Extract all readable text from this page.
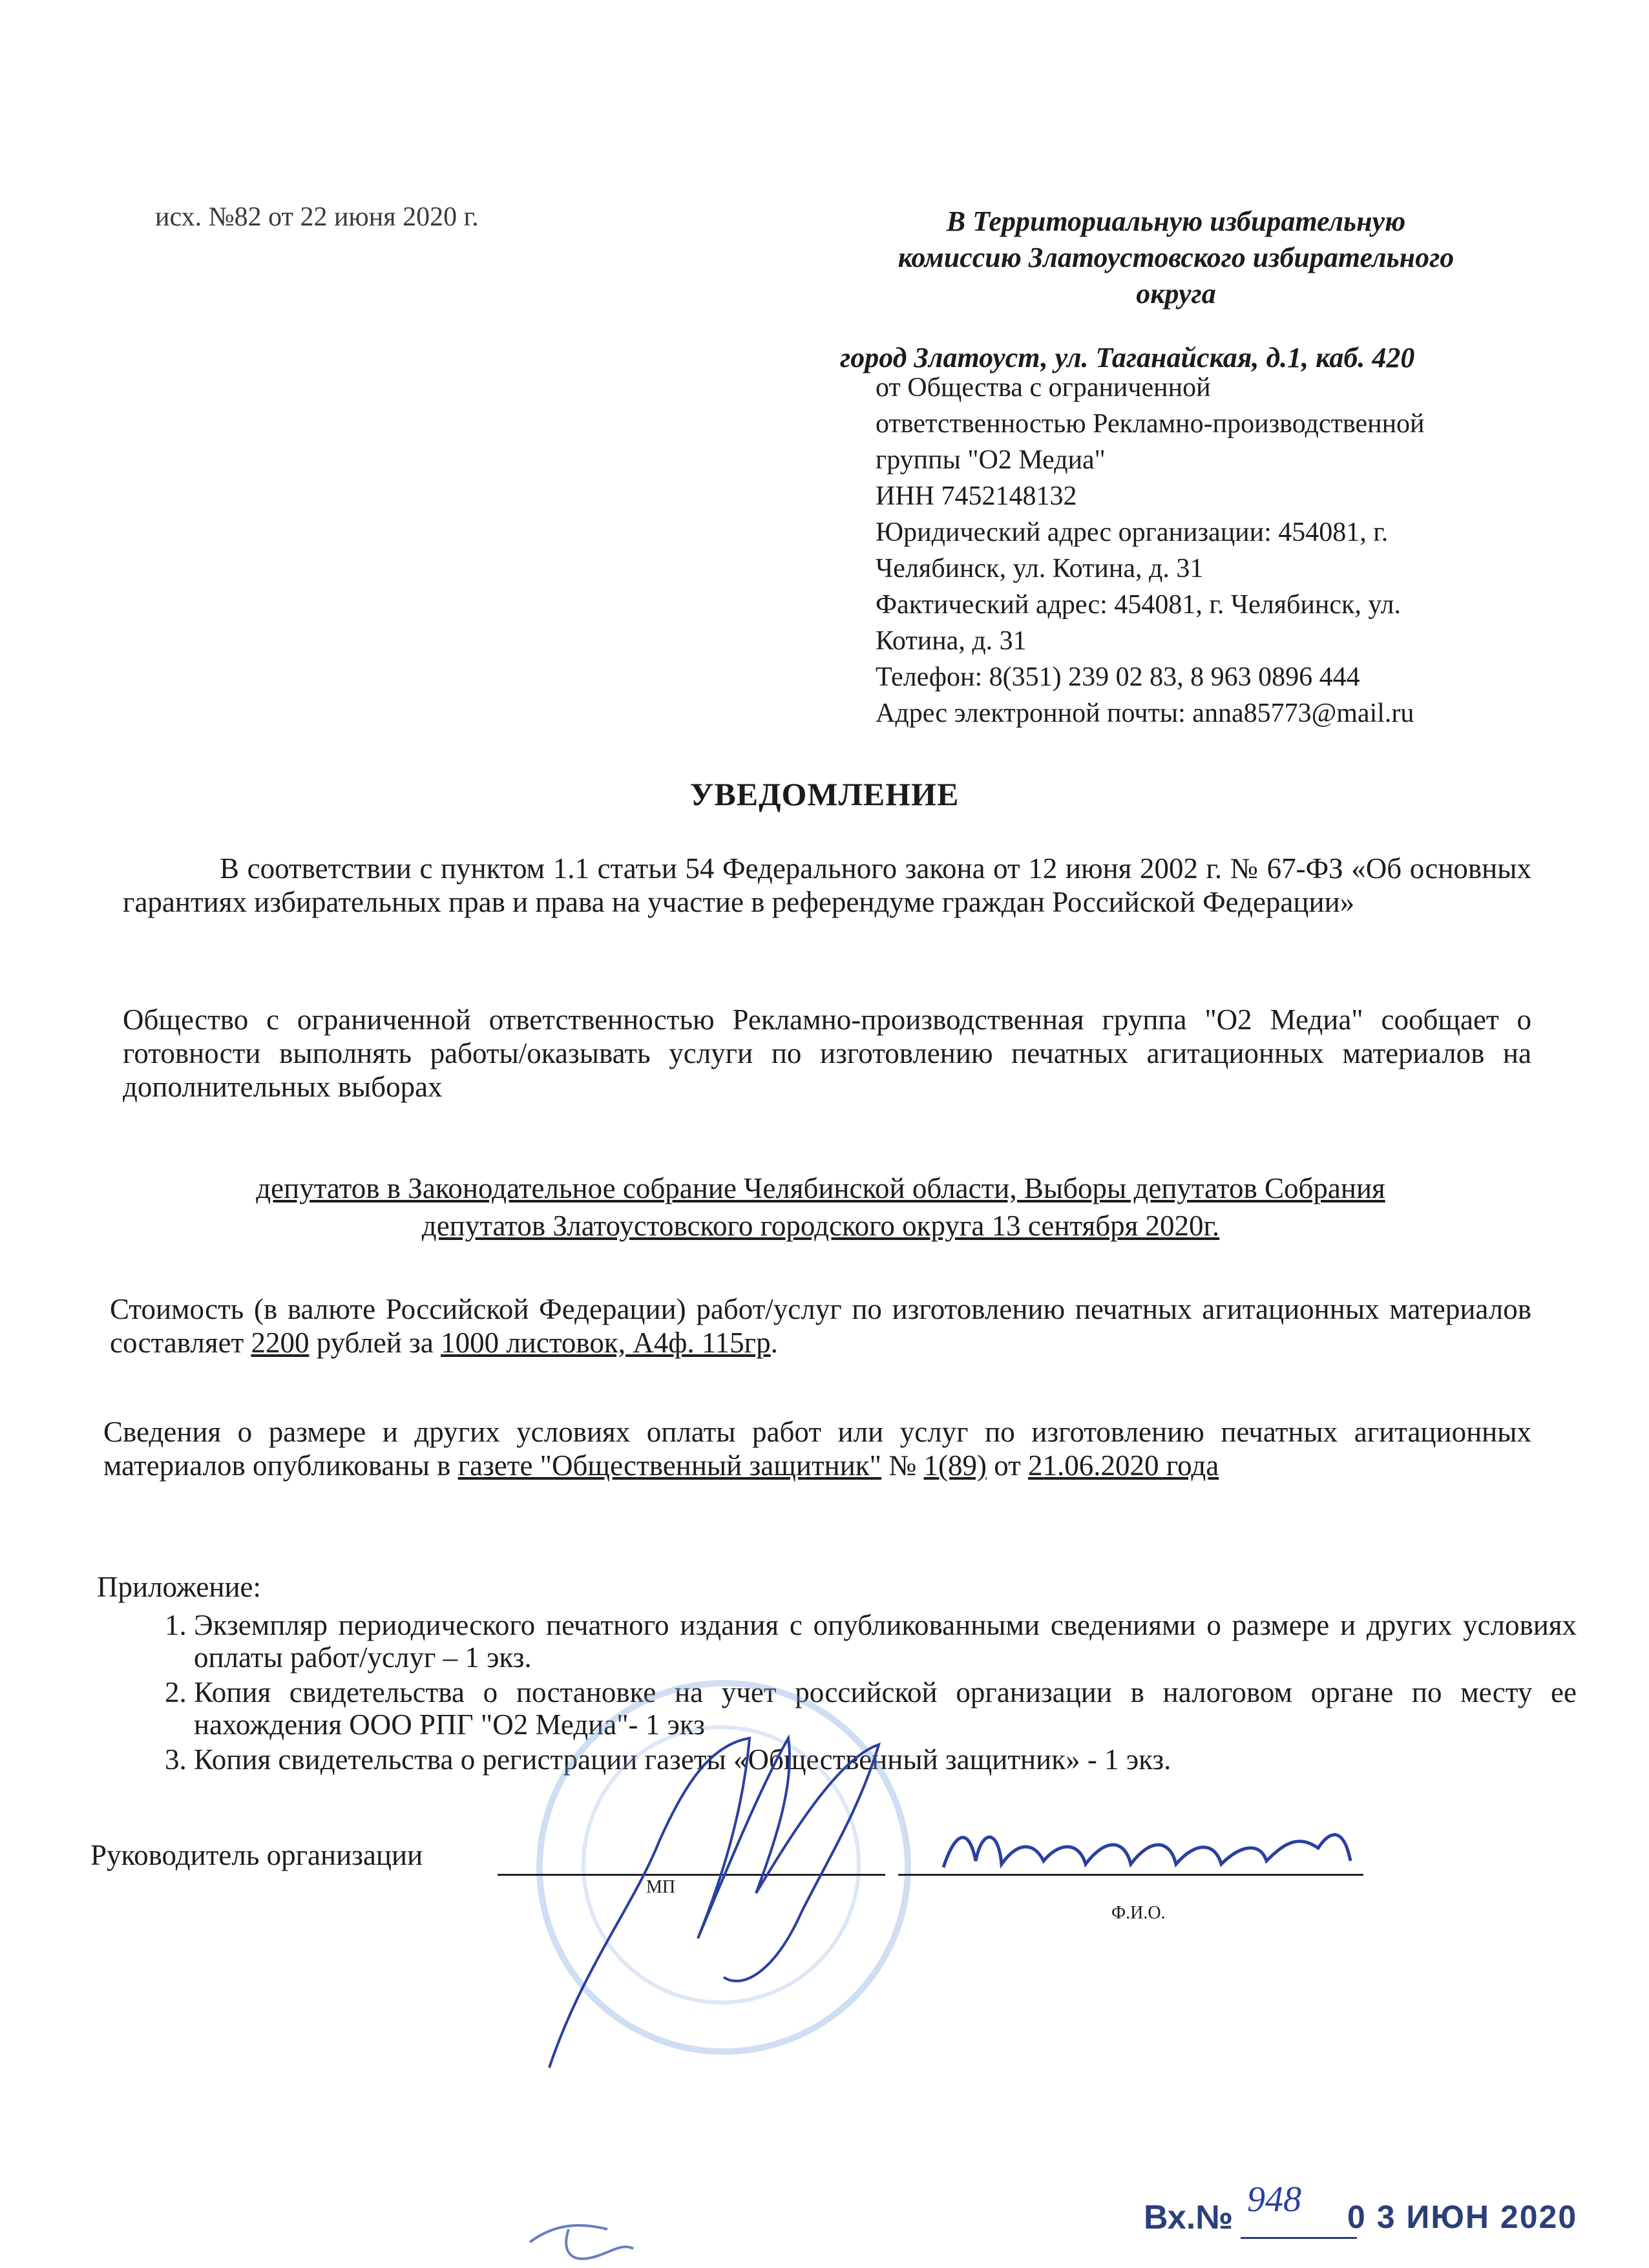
исх. №82 от 22 июня 2020 г.	В Территориальную избирательную
комиссию Златоустовского избирательного
округа
город Златоуст, ул. Таганайская, д.1, каб. 420
от Общества с ограниченной
ответственностью Рекламно-производственной
группы "О2 Медиа"
ИНН 7452148132
Юридический адрес организации: 454081, г.
Челябинск, ул. Котина, д. 31
Фактический адрес: 454081, г. Челябинск, ул.
Котина, д. 31
Телефон: 8(351) 239 02 83, 8 963 0896 444
Адрес электронной почты: anna85773@mail.ru
УВЕДОМЛЕНИЕ
В соответствии с пунктом 1.1 статьи 54 Федерального закона от 12 июня 2002 г. № 67-ФЗ «Об основных гарантиях избирательных прав и права на участие в референдуме граждан Российской Федерации»
Общество с ограниченной ответственностью Рекламно-производственная группа "О2 Медиа" сообщает о готовности выполнять работы/оказывать услуги по изготовлению печатных агитационных материалов на дополнительных выборах
депутатов в Законодательное собрание Челябинской области, Выборы депутатов Собрания
депутатов Златоустовского городского округа 13 сентября 2020г.
Стоимость (в валюте Российской Федерации) работ/услуг по изготовлению печатных агитационных материалов составляет 2200 рублей за 1000 листовок, А4ф. 115гр.
Сведения о размере и других условиях оплаты работ или услуг по изготовлению печатных агитационных материалов опубликованы в газете "Общественный защитник" № 1(89) от 21.06.2020 года
Приложение:
1. Экземпляр периодического печатного издания с опубликованными сведениями о размере и других условиях оплаты работ/услуг – 1 экз.
2. Копия свидетельства о постановке на учет российской организации в налоговом органе по месту ее нахождения ООО РПГ "О2 Медиа"- 1 экз
3. Копия свидетельства о регистрации газеты «Общественный защитник» - 1 экз.
Руководитель организации
МП
Ф.И.О.
Вх.№ 948 0 3 ИЮН 2020
